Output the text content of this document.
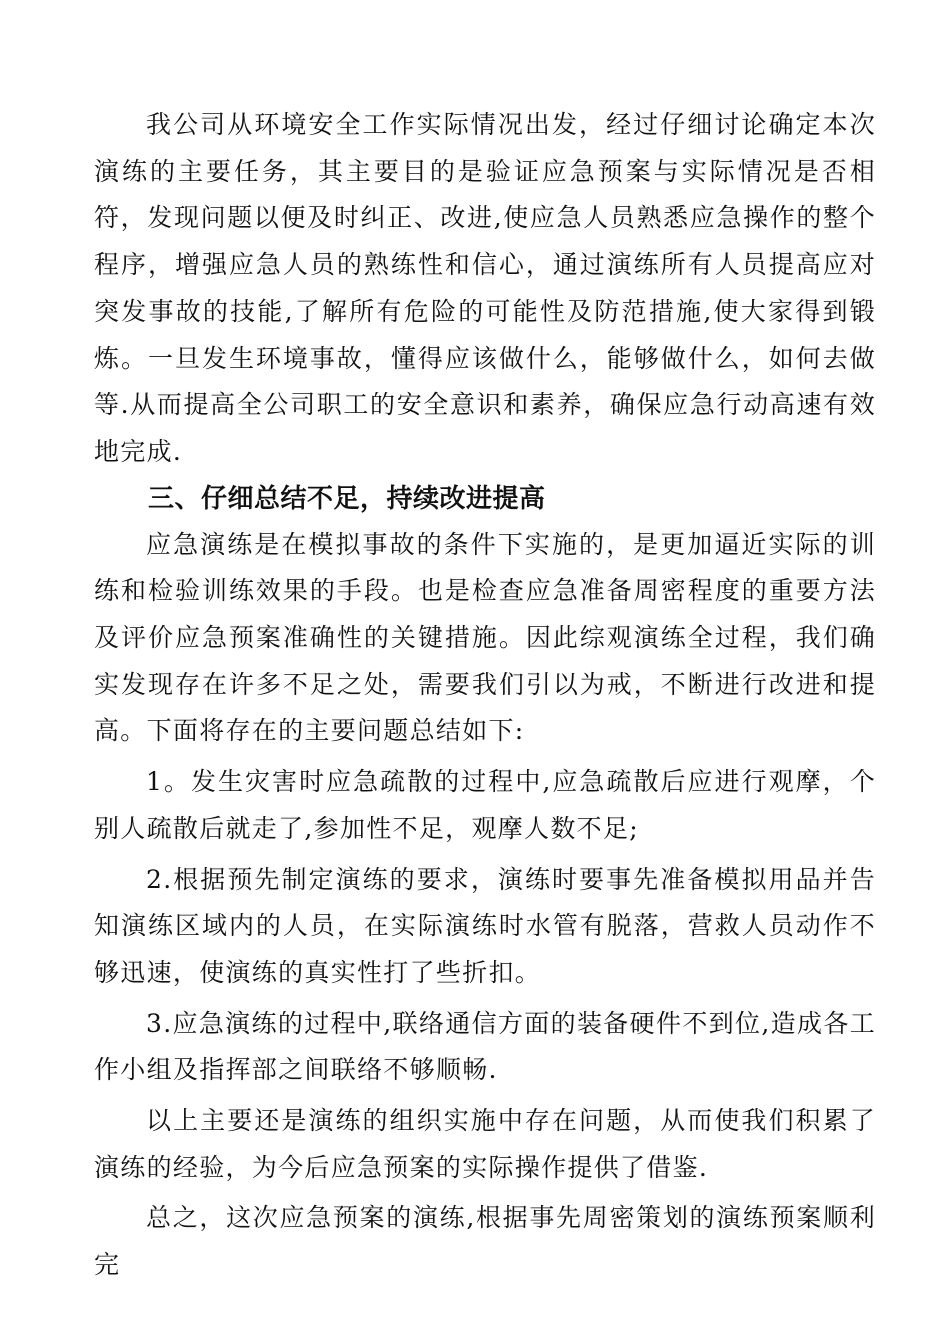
我公司从环境安全工作实际情况出发，经过仔细讨论确定本次演练的主要任务，其主要目的是验证应急预案与实际情况是否相符，发现问题以便及时纠正、改进,使应急人员熟悉应急操作的整个程序，增强应急人员的熟练性和信心，通过演练所有人员提高应对突发事故的技能,了解所有危险的可能性及防范措施,使大家得到锻炼。一旦发生环境事故，懂得应该做什么，能够做什么，如何去做等.从而提高全公司职工的安全意识和素养，确保应急行动高速有效地完成.

三、仔细总结不足，持续改进提高

应急演练是在模拟事故的条件下实施的，是更加逼近实际的训练和检验训练效果的手段。也是检查应急准备周密程度的重要方法及评价应急预案准确性的关键措施。因此综观演练全过程，我们确实发现存在许多不足之处，需要我们引以为戒，不断进行改进和提高。下面将存在的主要问题总结如下:

1。发生灾害时应急疏散的过程中,应急疏散后应进行观摩，个别人疏散后就走了,参加性不足，观摩人数不足;

2.根据预先制定演练的要求，演练时要事先准备模拟用品并告知演练区域内的人员，在实际演练时水管有脱落，营救人员动作不够迅速，使演练的真实性打了些折扣。

3.应急演练的过程中,联络通信方面的装备硬件不到位,造成各工作小组及指挥部之间联络不够顺畅.

以上主要还是演练的组织实施中存在问题，从而使我们积累了演练的经验，为今后应急预案的实际操作提供了借鉴.

总之，这次应急预案的演练,根据事先周密策划的演练预案顺利完
